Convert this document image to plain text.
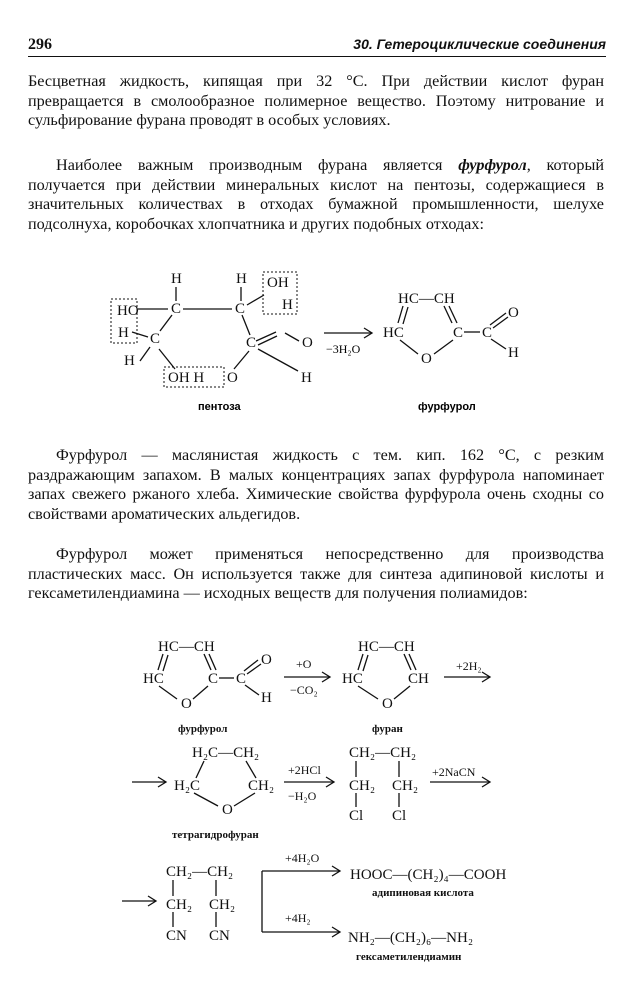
296	30. Гетероциклические соединения

Бесцветная жидкость, кипящая при 32 °С. При действии кислот фуран превращается в смолообразное полимерное вещество. Поэтому нитрование и сульфирование фурана проводят в особых условиях.

Наиболее важным производным фурана является фурфурол, который получается при действии минеральных кислот на пентозы, содержащиеся в значительных количествах в отходах бумажной промышленности, шелухе подсолнуха, коробочках хлопчатника и других подобных отходах:

H	H
HO C	C
OH
H
H C	C	O
H
OH H O	H
−3H₂O
HC—CH
HC	C C
O
H
O
пентоза	фурфурол

Фурфурол — маслянистая жидкость с тем. кип. 162 °С, с резким раздражающим запахом. В малых концентрациях запах фурфурола напоминает запах свежего ржаного хлеба. Химические свойства фурфурола очень сходны со свойствами ароматических альдегидов.

Фурфурол может применяться непосредственно для производства пластических масс. Он используется также для синтеза адипиновой кислоты и гексаметилендиамина — исходных веществ для получения полиамидов:

HC—CH
HC	C C
O
H
O
HC—CH
HC	CH
O
H₂C—CH₂
H₂C	CH₂
O
CH₂—CH₂
CH₂ CH₂
Cl Cl
CH₂—CH₂
CH₂ CH₂
CN CN
HOOC—(CH₂)₄—COOH
NH₂—(CH₂)₆—NH₂
+O
−CO₂
+2H₂
+2HCl
−H₂O
+2NaCN
+4H₂O
+4H₂
фурфурол	фуран
тетрагидрофуран
адипиновая кислота
гексаметилендиамин
